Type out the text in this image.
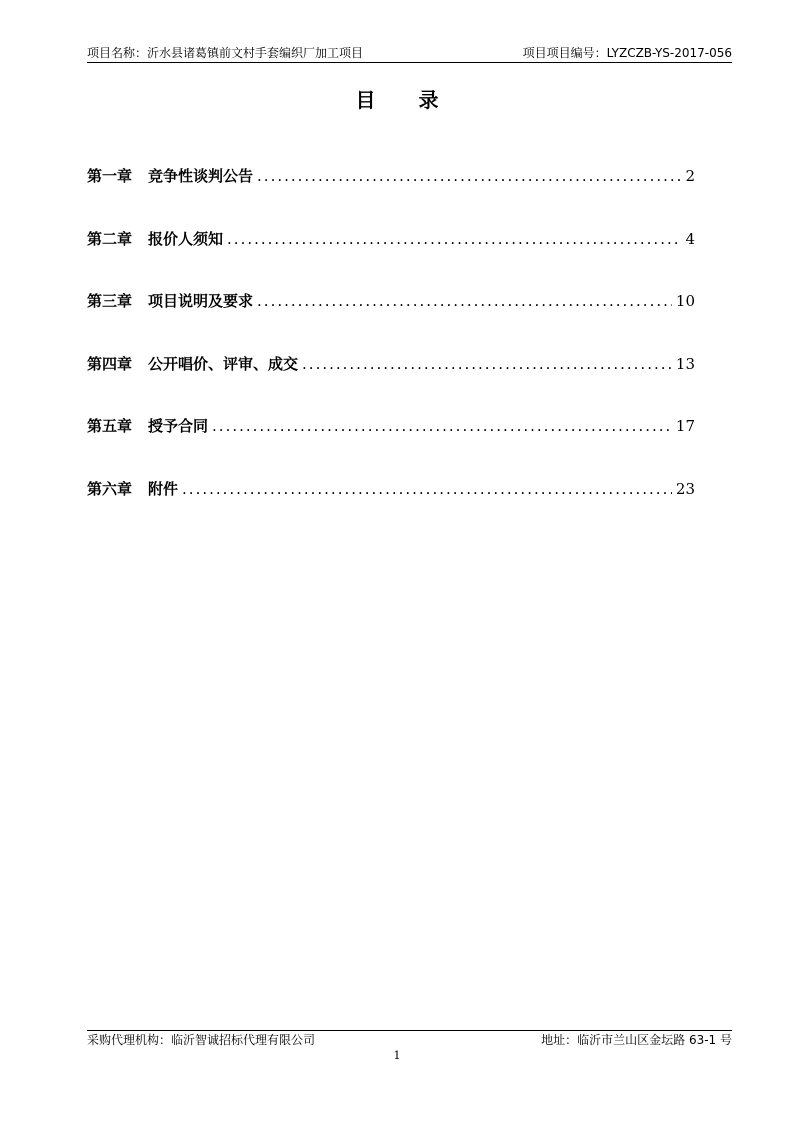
项目名称：沂水县诸葛镇前文村手套编织厂加工项目	项目项目编号：LYZCZB-YS-2017-056
目 录
第一章 竞争性谈判公告 .....	2
第二章 报价人须知 .....	4
第三章 项目说明及要求 .....	10
第四章 公开唱价、评审、成交 .....	13
第五章 授予合同 .....	17
第六章 附件 .....	23
采购代理机构：临沂智诚招标代理有限公司	地址：临沂市兰山区金坛路 63-1 号
1
